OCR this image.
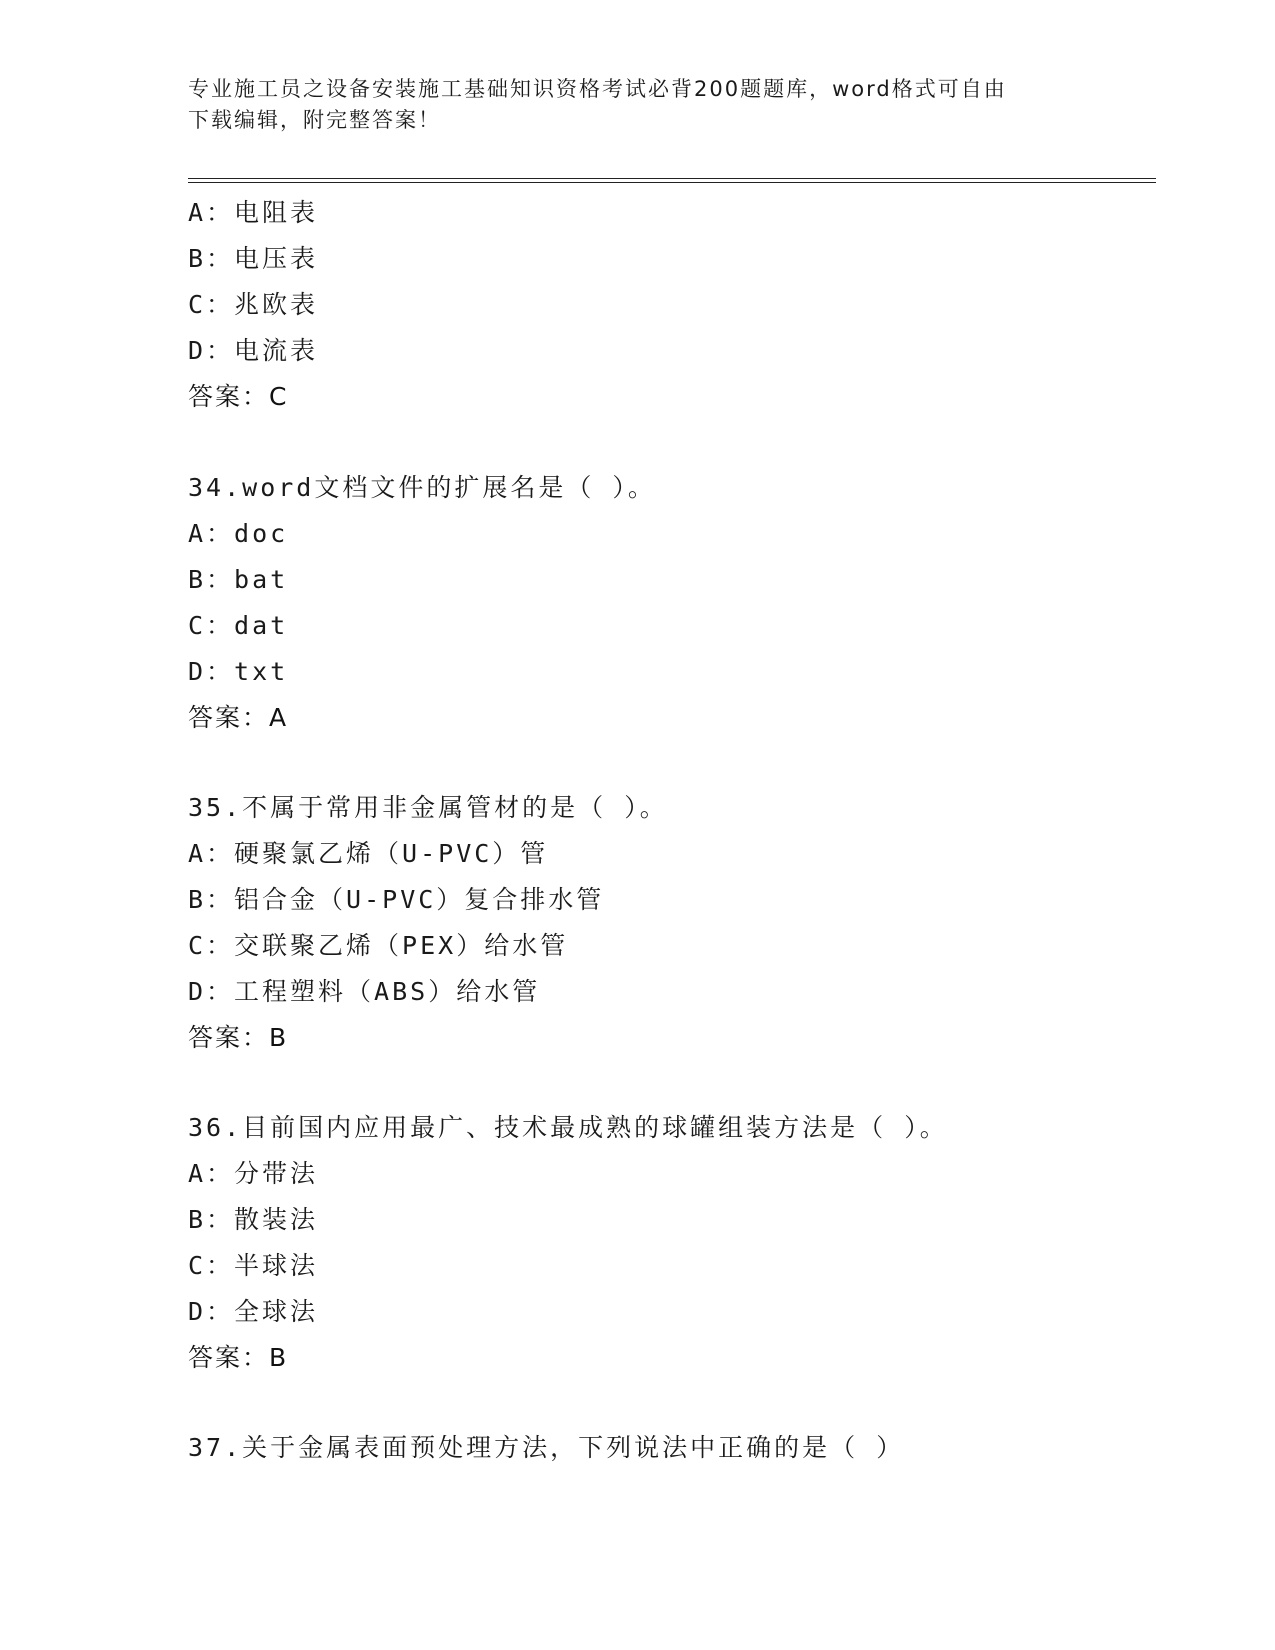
专业施工员之设备安装施工基础知识资格考试必背200题题库，word格式可自由
下载编辑，附完整答案！
A：电阻表
B：电压表
C：兆欧表
D：电流表
答案：C
34.word文档文件的扩展名是（ ）。
A：doc
B：bat
C：dat
D：txt
答案：A
35.不属于常用非金属管材的是（ ）。
A：硬聚氯乙烯（U-PVC）管
B：铝合金（U-PVC）复合排水管
C：交联聚乙烯（PEX）给水管
D：工程塑料（ABS）给水管
答案：B
36.目前国内应用最广、技术最成熟的球罐组装方法是（ ）。
A：分带法
B：散装法
C：半球法
D：全球法
答案：B
37.关于金属表面预处理方法，下列说法中正确的是（ ）
